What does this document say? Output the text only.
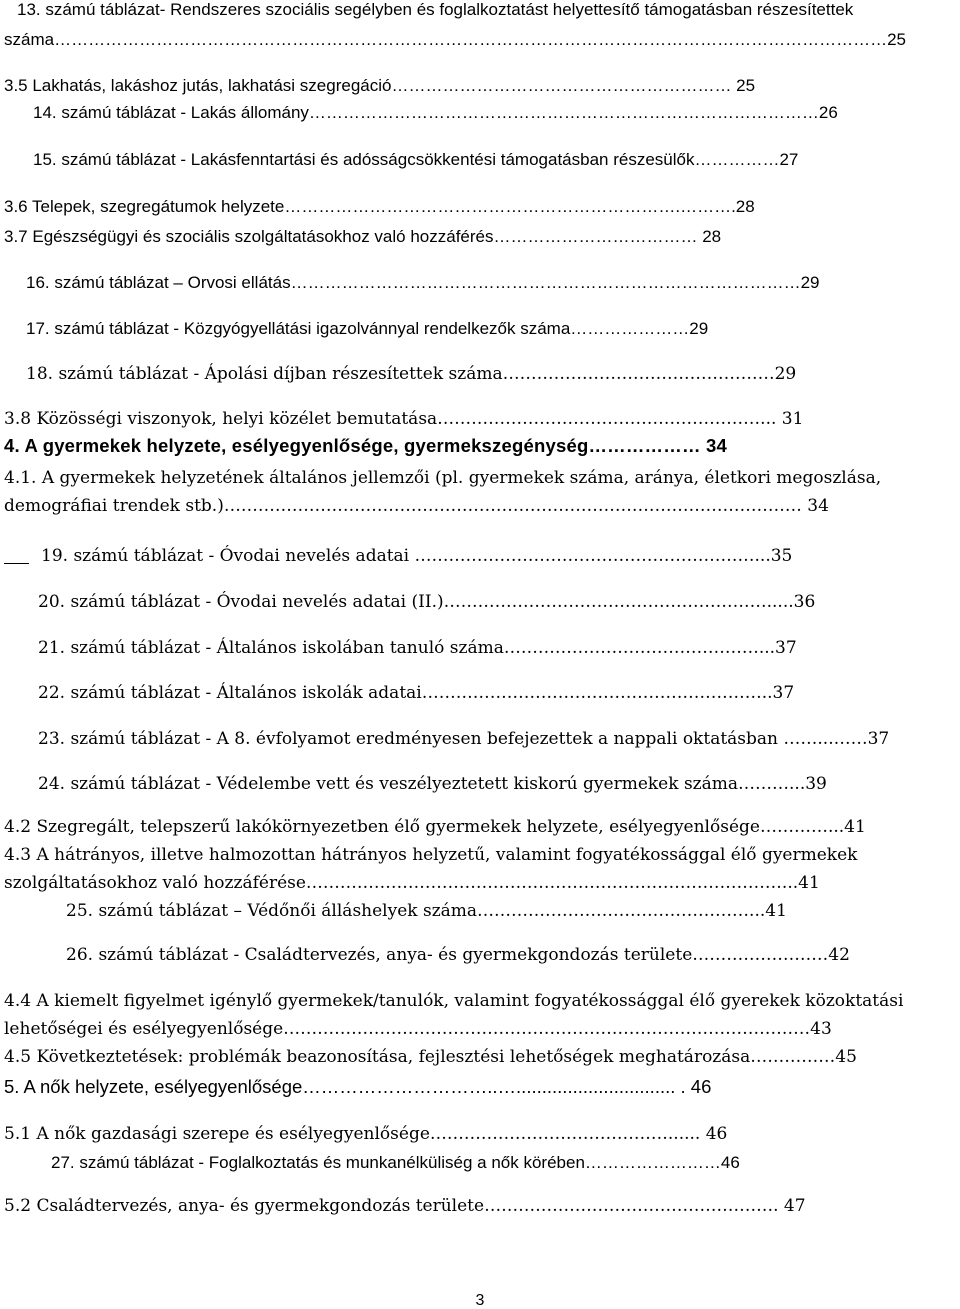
13. számú táblázat- Rendszeres szociális segélyben és foglalkoztatást helyettesítő támogatásban részesítettek
száma…………………………………………………………………………………………………………………………………25
3.5 Lakhatás, lakáshoz jutás, lakhatási szegregáció…………………………………………………… 25
14. számú táblázat - Lakás állomány………………………………………………………………………………26
15. számú táblázat - Lakásfenntartási és adósságcsökkentési támogatásban részesülők……………27
3.6 Telepek, szegregátumok helyzete…………………………………………………………….……….28
3.7 Egészségügyi és szociális szolgáltatásokhoz való hozzáférés……………………………… 28
16. számú táblázat – Orvosi ellátás………………………………………………………………………………29
17. számú táblázat - Közgyógyellátási igazolvánnyal rendelkezők száma…………………29
18. számú táblázat - Ápolási díjban részesítettek száma…………………………………………29
3.8 Közösségi viszonyok, helyi közélet bemutatása…………………………………………………... 31
4. A gyermekek helyzete, esélyegyenlősége, gyermekszegénység……………… 34
4.1. A gyermekek helyzetének általános jellemzői (pl. gyermekek száma, aránya, életkori megoszlása,
demográfiai trendek stb.)………………………………………………………………………………………… 34
19. számú táblázat - Óvodai nevelés adatai ……………………………………………………...35
20. számú táblázat - Óvodai nevelés adatai (II.)………………………………………………….....36
21. számú táblázat - Általános iskolában tanuló száma………………………………………...37
22. számú táblázat - Általános iskolák adatai……………………………………………………..37
23. számú táblázat - A 8. évfolyamot eredményesen befejezettek a nappali oktatásban ……...……37
24. számú táblázat - Védelembe vett és veszélyeztetett kiskorú gyermekek száma………...39
4.2 Szegregált, telepszerű lakókörnyezetben élő gyermekek helyzete, esélyegyenlősége…………...41
4.3 A hátrányos, illetve halmozottan hátrányos helyzetű, valamint fogyatékossággal élő gyermekek
szolgáltatásokhoz való hozzáférése…………………………………………………………………………...41
25. számú táblázat – Védőnői álláshelyek száma…………………………………………...41
26. számú táblázat - Családtervezés, anya- és gyermekgondozás területe……………………42
4.4 A kiemelt figyelmet igénylő gyermekek/tanulók, valamint fogyatékossággal élő gyerekek közoktatási
lehetőségei és esélyegyenlősége…………………………………………………………………………………43
4.5 Következtetések: problémák beazonosítása, fejlesztési lehetőségek meghatározása……………45
5. A nők helyzete, esélyegyenlősége…………………………..…............................... . 46
5.1 A nők gazdasági szerepe és esélyegyenlősége……………………………………...... 46
27. számú táblázat - Foglalkoztatás és munkanélküliség a nők körében……………………46
5.2 Családtervezés, anya- és gyermekgondozás területe……………………………………………. 47
3
